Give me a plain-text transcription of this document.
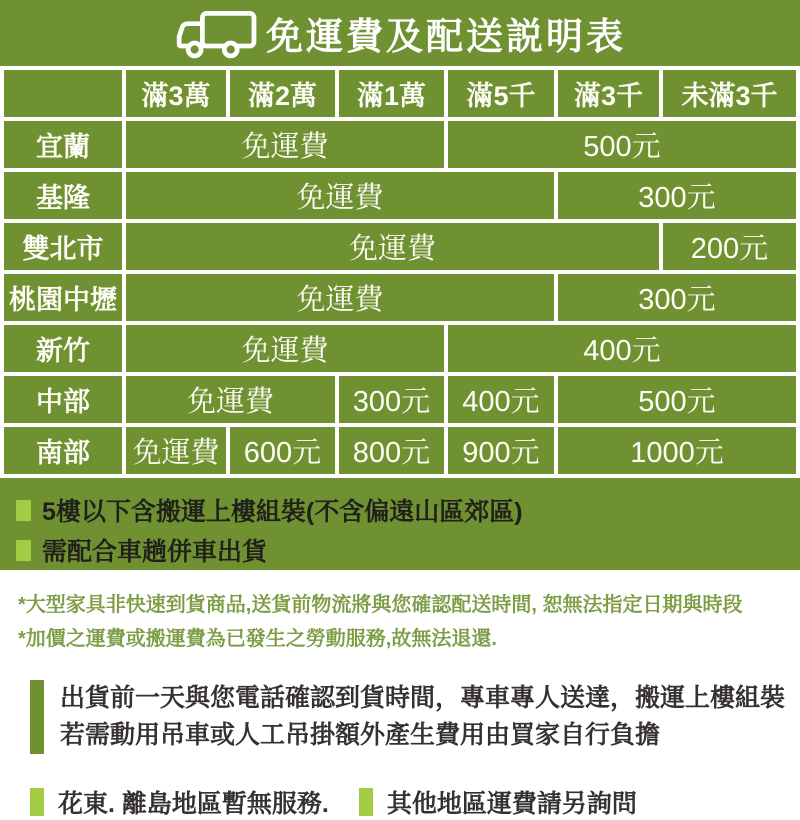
免運費及配送説明表
	滿3萬	滿2萬	滿1萬	滿5千	滿3千	未滿3千
宜蘭	免運費			500元		
基隆	免運費				300元	
雙北市	免運費					200元
桃園中壢	免運費				300元	
新竹	免運費			400元		
中部	免運費		300元	400元	500元	
南部	免運費	600元	800元	900元	1000元	
5樓以下含搬運上樓組裝(不含偏遠山區郊區)
需配合車趟併車出貨
*大型家具非快速到貨商品,送貨前物流將與您確認配送時間, 恕無法指定日期與時段
*加價之運費或搬運費為已發生之勞動服務,故無法退還.
出貨前一天與您電話確認到貨時間，專車專人送達，搬運上樓組裝
若需動用吊車或人工吊掛額外產生費用由買家自行負擔
花東. 離島地區暫無服務. 其他地區運費請另詢問
